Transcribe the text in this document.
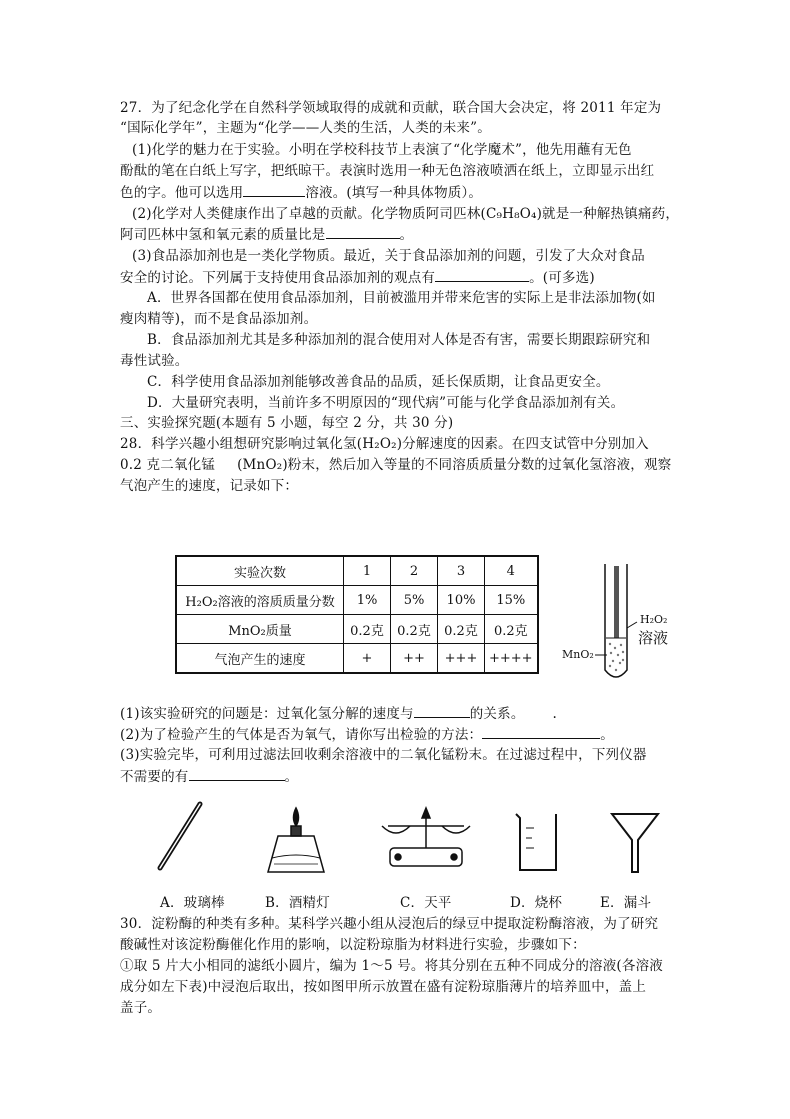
27．为了纪念化学在自然科学领域取得的成就和贡献，联合国大会决定，将 2011 年定为
“国际化学年”，主题为“化学——人类的生活，人类的未来”。
(1)化学的魅力在于实验。小明在学校科技节上表演了“化学魔术”，他先用蘸有无色
酚酞的笔在白纸上写字，把纸晾干。表演时选用一种无色溶液喷洒在纸上，立即显示出红
色的字。他可以选用	溶液。(填写一种具体物质）。
(2)化学对人类健康作出了卓越的贡献。化学物质阿司匹林(C₉H₈O₄)就是一种解热镇痛药，
阿司匹林中氢和氧元素的质量比是	。
(3)食品添加剂也是一类化学物质。最近，关于食品添加剂的问题，引发了大众对食品
安全的讨论。下列属于支持使用食品添加剂的观点有	。(可多选)
A．世界各国都在使用食品添加剂，目前被滥用并带来危害的实际上是非法添加物(如
瘦肉精等)，而不是食品添加剂。
B．食品添加剂尤其是多种添加剂的混合使用对人体是否有害，需要长期跟踪研究和
毒性试验。
C．科学使用食品添加剂能够改善食品的品质，延长保质期，让食品更安全。
D．大量研究表明，当前许多不明原因的“现代病”可能与化学食品添加剂有关。
三、实验探究题(本题有 5 小题，每空 2 分，共 30 分)
28．科学兴趣小组想研究影响过氧化氢(H₂O₂)分解速度的因素。在四支试管中分别加入
0.2 克二氧化锰 (MnO₂)粉末，然后加入等量的不同溶质质量分数的过氧化氢溶液，观察
气泡产生的速度，记录如下：
实验次数	1	2	3	4
H₂O₂溶液的溶质质量分数	1%	5%	10%	15%
MnO₂质量	0.2克	0.2克	0.2克	0.2克
气泡产生的速度	+	++	+++	++++
H₂O₂
溶液
MnO₂
(1)该实验研究的问题是：过氧化氢分解的速度与	的关系。 .
(2)为了检验产生的气体是否为氧气，请你写出检验的方法：	。
(3)实验完毕，可利用过滤法回收剩余溶液中的二氧化锰粉末。在过滤过程中，下列仪器
不需要的有	。
A．玻璃棒	B．酒精灯	C．天平	D．烧杯	E．漏斗
30．淀粉酶的种类有多种。某科学兴趣小组从浸泡后的绿豆中提取淀粉酶溶液，为了研究
酸碱性对该淀粉酶催化作用的影响，以淀粉琼脂为材料进行实验，步骤如下：
①取 5 片大小相同的滤纸小圆片，编为 1～5 号。将其分别在五种不同成分的溶液(各溶液
成分如左下表)中浸泡后取出，按如图甲所示放置在盛有淀粉琼脂薄片的培养皿中，盖上
盖子。
